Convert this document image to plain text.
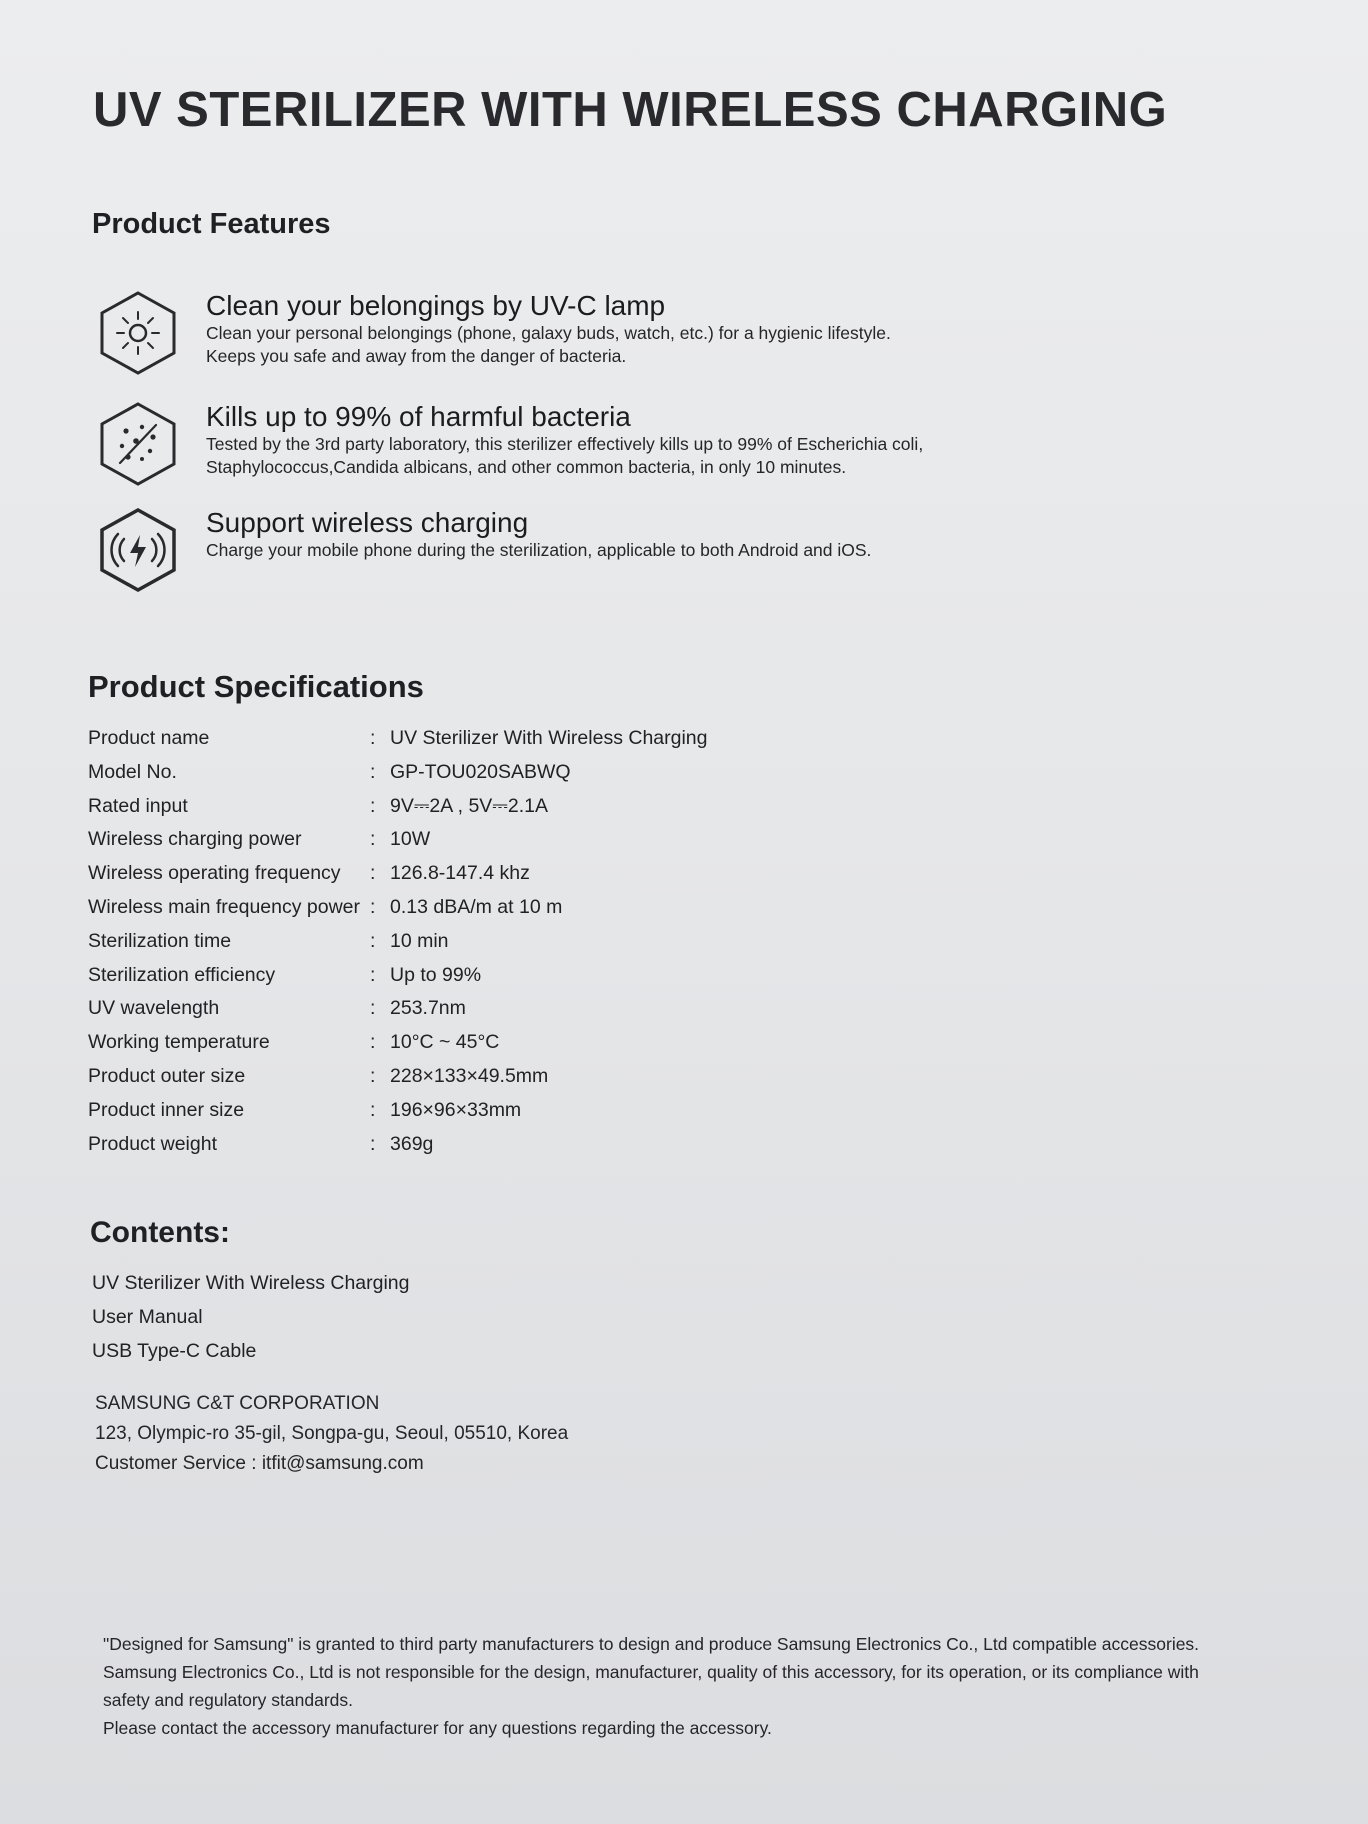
UV STERILIZER WITH WIRELESS CHARGING
Product Features
Clean your belongings by UV-C lamp
Clean your personal belongings (phone, galaxy buds, watch, etc.) for a hygienic lifestyle.
Keeps you safe and away from the danger of bacteria.
Kills up to 99% of harmful bacteria
Tested by the 3rd party laboratory, this sterilizer effectively kills up to 99% of Escherichia coli,
Staphylococcus,Candida albicans, and other common bacteria, in only 10 minutes.
Support wireless charging
Charge your mobile phone during the sterilization, applicable to both Android and iOS.
Product Specifications
Product name	: UV Sterilizer With Wireless Charging
Model No.	: GP-TOU020SABWQ
Rated input	: 9V⎓2A , 5V⎓2.1A
Wireless charging power	: 10W
Wireless operating frequency : 126.8-147.4 khz
Wireless main frequency power : 0.13 dBA/m at 10 m
Sterilization time	: 10 min
Sterilization efficiency	: Up to 99%
UV wavelength	: 253.7nm
Working temperature	: 10°C ~ 45°C
Product outer size	: 228×133×49.5mm
Product inner size	: 196×96×33mm
Product weight	: 369g
Contents:
UV Sterilizer With Wireless Charging
User Manual
USB Type-C Cable
SAMSUNG C&T CORPORATION
123, Olympic-ro 35-gil, Songpa-gu, Seoul, 05510, Korea
Customer Service : itfit@samsung.com
"Designed for Samsung" is granted to third party manufacturers to design and produce Samsung Electronics Co., Ltd compatible accessories.
Samsung Electronics Co., Ltd is not responsible for the design, manufacturer, quality of this accessory, for its operation, or its compliance with
safety and regulatory standards.
Please contact the accessory manufacturer for any questions regarding the accessory.
